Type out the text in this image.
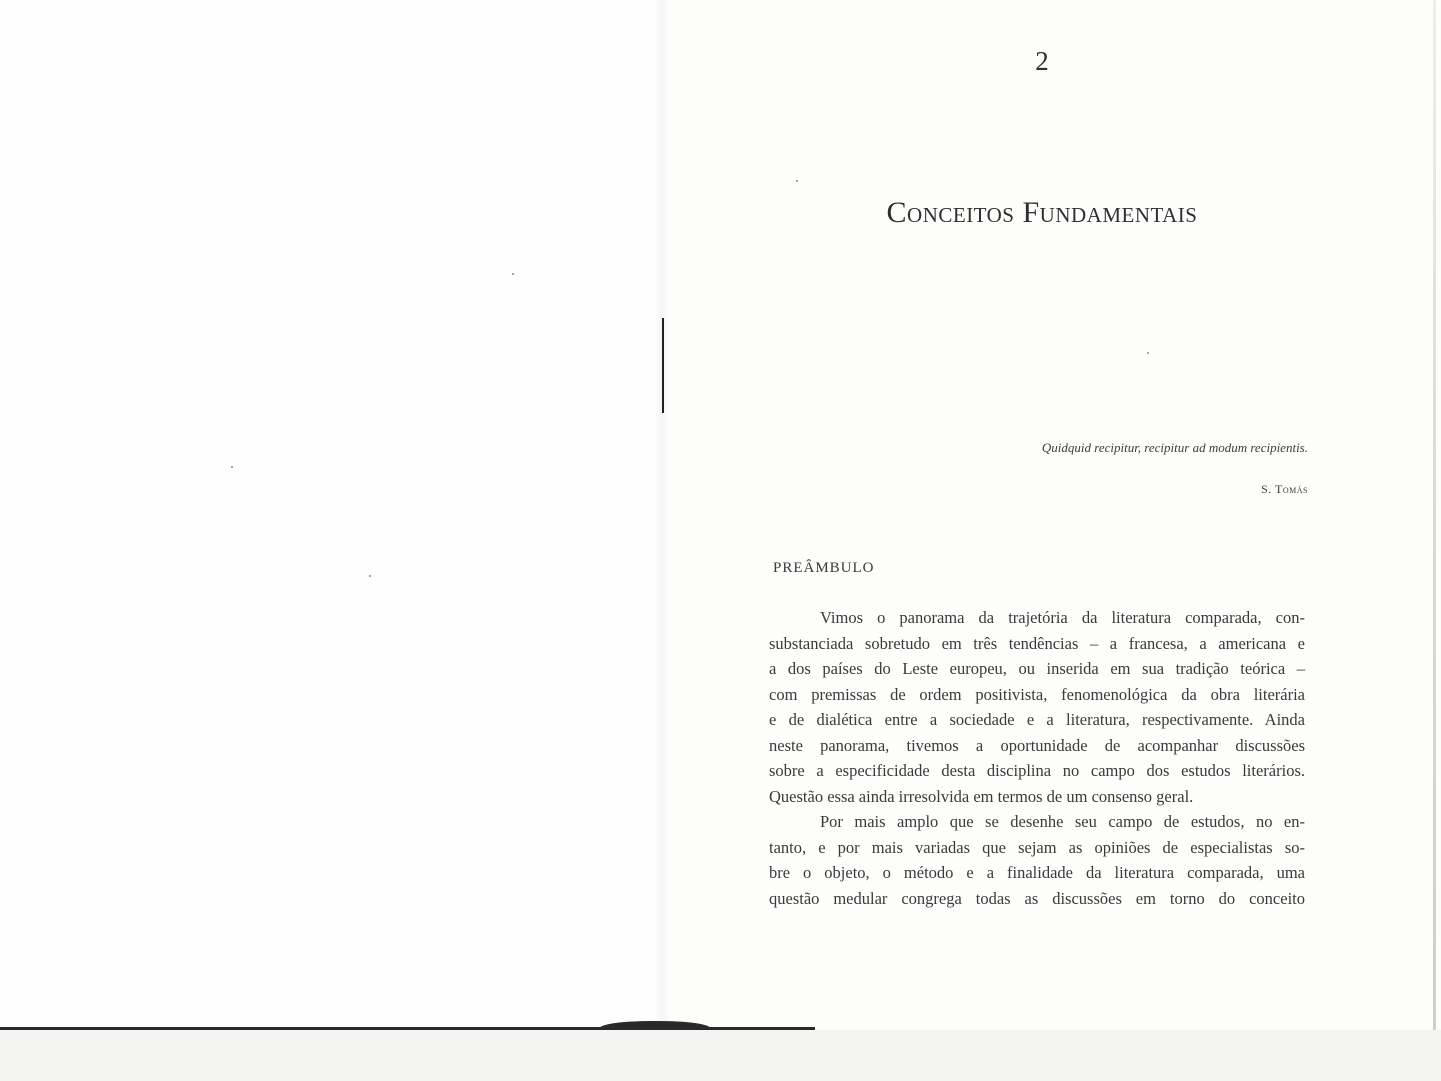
2
Conceitos Fundamentais
Quidquid recipitur, recipitur ad modum recipientis.
S. Tomás
PREÂMBULO
Vimos o panorama da trajetória da literatura comparada, con-
substanciada sobretudo em três tendências – a francesa, a americana e
a dos países do Leste europeu, ou inserida em sua tradição teórica –
com premissas de ordem positivista, fenomenológica da obra literária
e de dialética entre a sociedade e a literatura, respectivamente. Ainda
neste panorama, tivemos a oportunidade de acompanhar discussões
sobre a especificidade desta disciplina no campo dos estudos literários.
Questão essa ainda irresolvida em termos de um consenso geral.
Por mais amplo que se desenhe seu campo de estudos, no en-
tanto, e por mais variadas que sejam as opiniões de especialistas so-
bre o objeto, o método e a finalidade da literatura comparada, uma
questão medular congrega todas as discussões em torno do conceito
